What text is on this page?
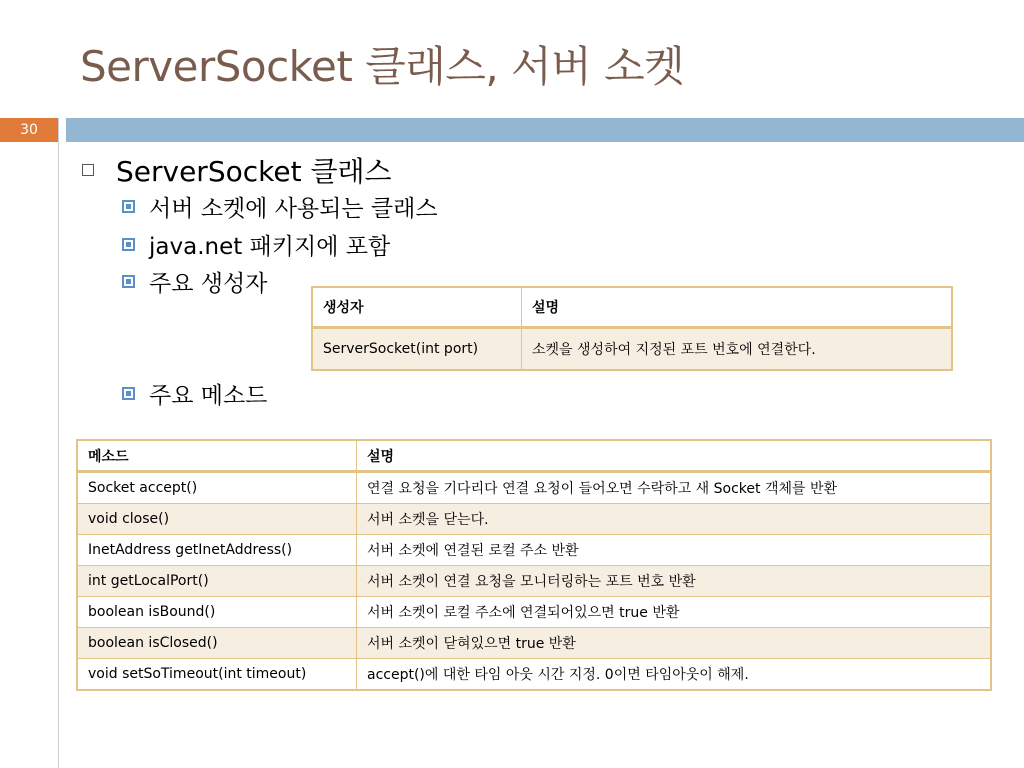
ServerSocket 클래스, 서버 소켓
30
ServerSocket 클래스
서버 소켓에 사용되는 클래스
java.net 패키지에 포함
주요 생성자
주요 메소드
생성자	설명
ServerSocket(int port)	소켓을 생성하여 지정된 포트 번호에 연결한다.
메소드	설명
Socket accept()	연결 요청을 기다리다 연결 요청이 들어오면 수락하고 새 Socket 객체를 반환
void close()	서버 소켓을 닫는다.
InetAddress getInetAddress()	서버 소켓에 연결된 로컬 주소 반환
int getLocalPort()	서버 소켓이 연결 요청을 모니터링하는 포트 번호 반환
boolean isBound()	서버 소켓이 로컬 주소에 연결되어있으면 true 반환
boolean isClosed()	서버 소켓이 닫혀있으면 true 반환
void setSoTimeout(int timeout)	accept()에 대한 타임 아웃 시간 지정. 0이면 타임아웃이 해제.
